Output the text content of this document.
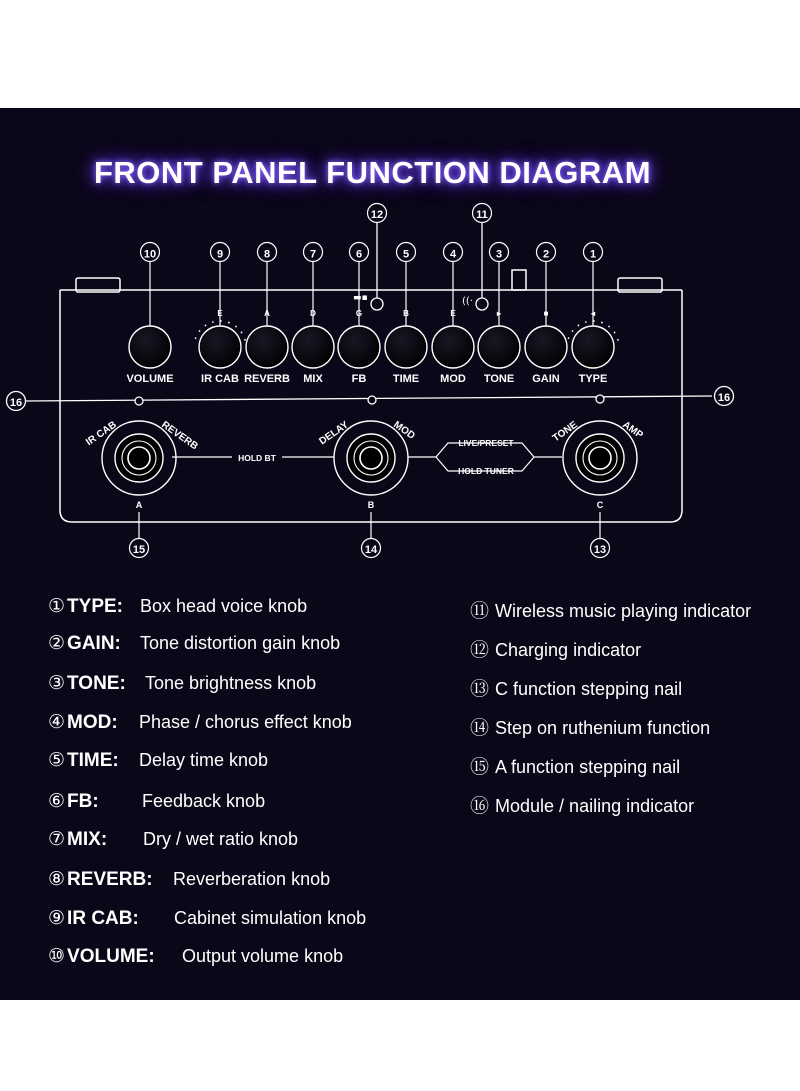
FRONT PANEL FUNCTION DIAGRAM
10
VOLUME
9
E
IR CAB
8
A
REVERB
7
D
MIX
6
G
FB
5
B
TIME
4
E
MOD
3
▸
TONE
2
■
GAIN
1
◂
TYPE
▬▪	((·
12	11
16	16
IR CAB	REVERB
A
15
DELAY	MOD
B
14
TONE	AMP
C
13
HOLD BT
LIVE/PRESET
HOLD TUNER
① TYPE: Box head voice knob
② GAIN: Tone distortion gain knob
③ TONE: Tone brightness knob
④ MOD: Phase / chorus effect knob
⑤ TIME: Delay time knob
⑥ FB: Feedback knob
⑦ MIX: Dry / wet ratio knob
⑧ REVERB: Reverberation knob
⑨ IR CAB: Cabinet simulation knob
⑩ VOLUME: Output volume knob
⑪ Wireless music playing indicator
⑫ Charging indicator
⑬ C function stepping nail
⑭ Step on ruthenium function
⑮ A function stepping nail
⑯ Module / nailing indicator
